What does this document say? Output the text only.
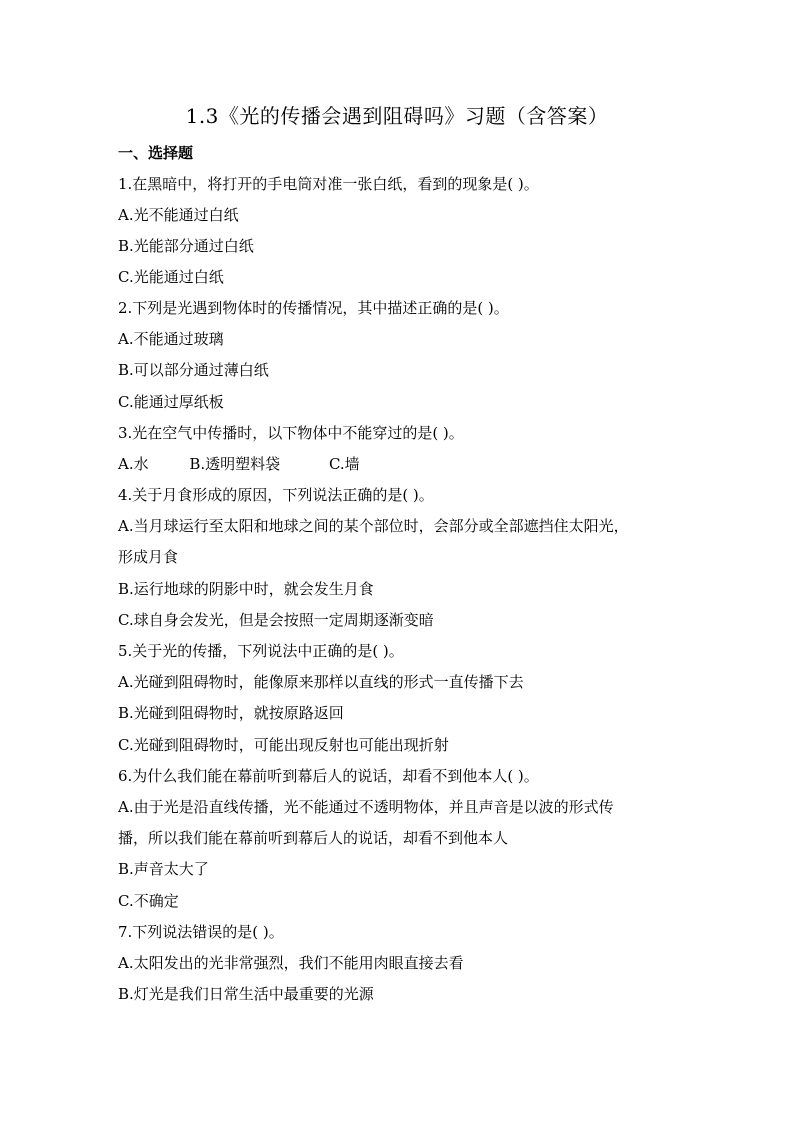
1.3《光的传播会遇到阻碍吗》习题（含答案）
一、选择题
1.在黑暗中，将打开的手电筒对准一张白纸，看到的现象是( )。
A.光不能通过白纸
B.光能部分通过白纸
C.光能通过白纸
2.下列是光遇到物体时的传播情况，其中描述正确的是( )。
A.不能通过玻璃
B.可以部分通过薄白纸
C.能通过厚纸板
3.光在空气中传播时，以下物体中不能穿过的是( )。
A.水	B.透明塑料袋	C.墙
4.关于月食形成的原因，下列说法正确的是( )。
A.当月球运行至太阳和地球之间的某个部位时，会部分或全部遮挡住太阳光，
形成月食
B.运行地球的阴影中时，就会发生月食
C.球自身会发光，但是会按照一定周期逐渐变暗
5.关于光的传播，下列说法中正确的是( )。
A.光碰到阻碍物时，能像原来那样以直线的形式一直传播下去
B.光碰到阻碍物时，就按原路返回
C.光碰到阻碍物时，可能出现反射也可能出现折射
6.为什么我们能在幕前听到幕后人的说话，却看不到他本人( )。
A.由于光是沿直线传播，光不能通过不透明物体，并且声音是以波的形式传
播，所以我们能在幕前听到幕后人的说话，却看不到他本人
B.声音太大了
C.不确定
7.下列说法错误的是( )。
A.太阳发出的光非常强烈，我们不能用肉眼直接去看
B.灯光是我们日常生活中最重要的光源
